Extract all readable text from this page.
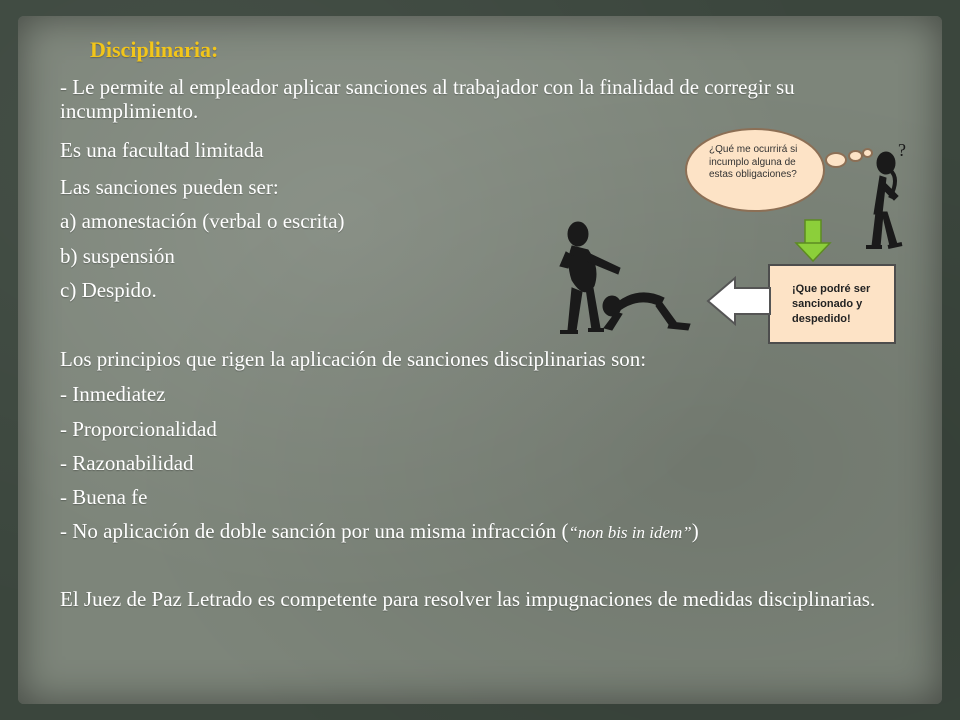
Disciplinaria:
- Le permite al empleador aplicar sanciones al trabajador con la finalidad de corregir su incumplimiento.
Es una facultad limitada
Las sanciones pueden ser:
a) amonestación (verbal o escrita)
b) suspensión
c) Despido.
Los principios que rigen la aplicación de sanciones disciplinarias son:
- Inmediatez
- Proporcionalidad
- Razonabilidad
- Buena fe
- No aplicación de doble sanción por una misma infracción (“non bis in idem”)
El Juez de Paz Letrado es competente para resolver las impugnaciones de medidas disciplinarias.
¿Qué me ocurrirá si incumplo alguna de estas obligaciones?
¡Que podré ser sancionado y despedido!
?
